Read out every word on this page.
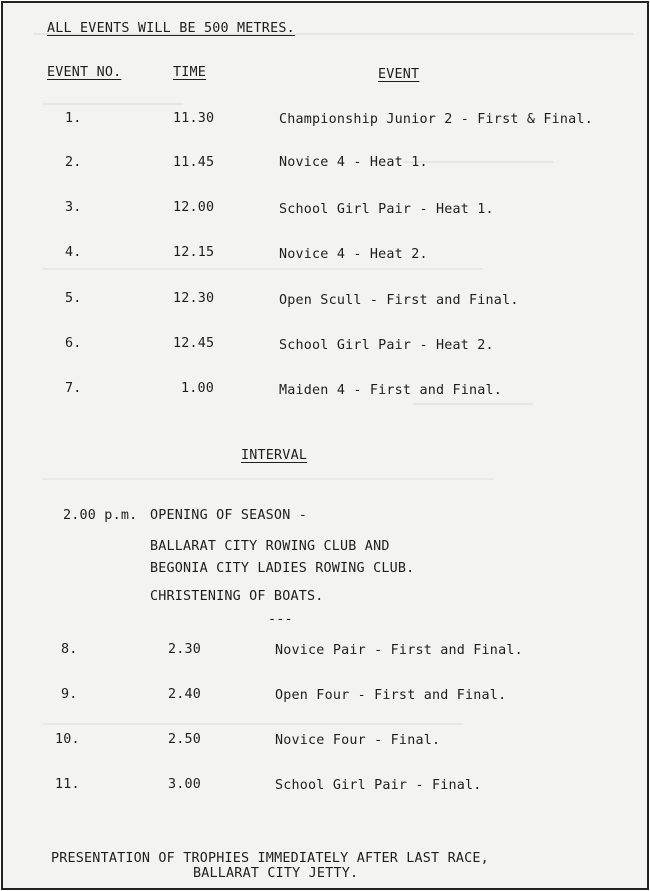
ALL EVENTS WILL BE 500 METRES.
EVENT NO.	TIME	EVENT
1.	11.30	Championship Junior 2 - First & Final.
2.	11.45	Novice 4 - Heat 1.
3.	12.00	School Girl Pair - Heat 1.
4.	12.15	Novice 4 - Heat 2.
5.	12.30	Open Scull - First and Final.
6.	12.45	School Girl Pair - Heat 2.
7.	1.00	Maiden 4 - First and Final.
INTERVAL
2.00 p.m. OPENING OF SEASON -
BALLARAT CITY ROWING CLUB AND
BEGONIA CITY LADIES ROWING CLUB.
CHRISTENING OF BOATS.
---
8.	2.30	Novice Pair - First and Final.
9.	2.40	Open Four - First and Final.
10.	2.50	Novice Four - Final.
11.	3.00	School Girl Pair - Final.
PRESENTATION OF TROPHIES IMMEDIATELY AFTER LAST RACE,
BALLARAT CITY JETTY.
